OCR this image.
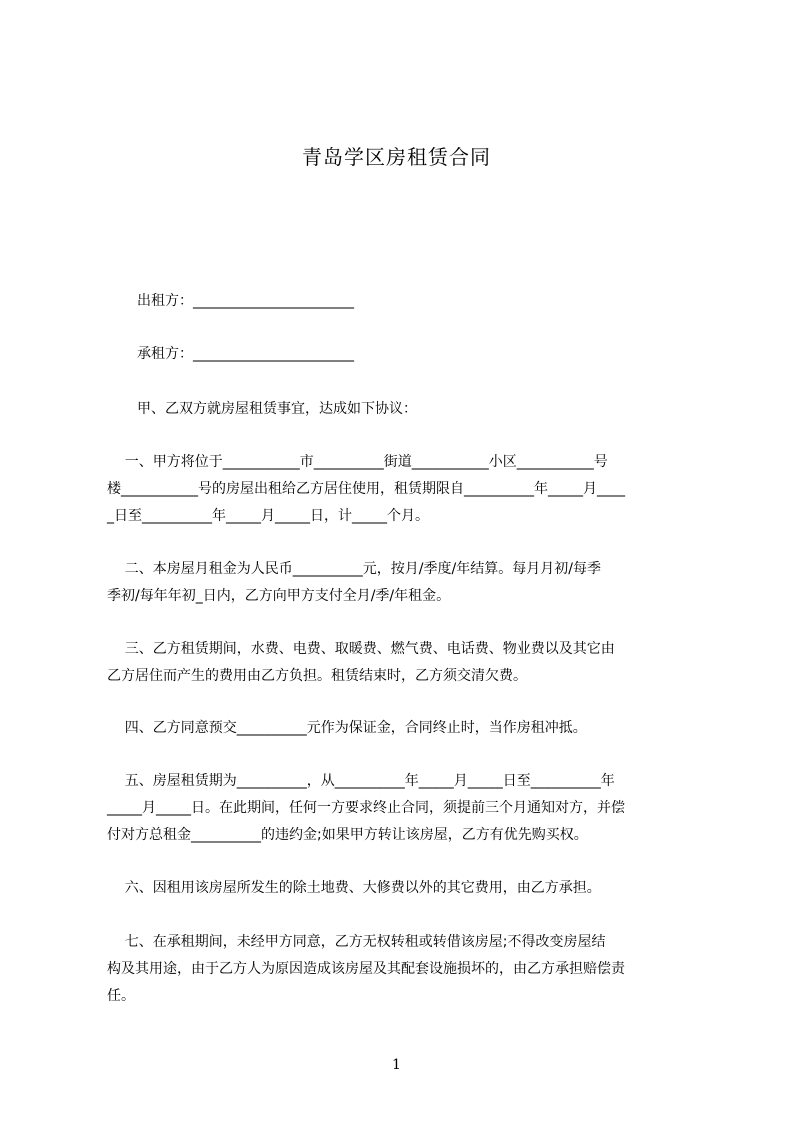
青岛学区房租赁合同
出租方：_______________________
承租方：_______________________
甲、乙双方就房屋租赁事宜，达成如下协议：
一、甲方将位于___________市__________街道___________小区___________号
楼___________号的房屋出租给乙方居住使用，租赁期限自__________年_____月____
_日至__________年_____月_____日，计_____个月。
二、本房屋月租金为人民币__________元，按月/季度/年结算。每月月初/每季
季初/每年年初_日内，乙方向甲方支付全月/季/年租金。
三、乙方租赁期间，水费、电费、取暖费、燃气费、电话费、物业费以及其它由
乙方居住而产生的费用由乙方负担。租赁结束时，乙方须交清欠费。
四、乙方同意预交__________元作为保证金，合同终止时，当作房租冲抵。
五、房屋租赁期为__________，从__________年_____月_____日至__________年
_____月_____日。在此期间，任何一方要求终止合同，须提前三个月通知对方，并偿
付对方总租金__________的违约金;如果甲方转让该房屋，乙方有优先购买权。
六、因租用该房屋所发生的除土地费、大修费以外的其它费用，由乙方承担。
七、在承租期间，未经甲方同意，乙方无权转租或转借该房屋;不得改变房屋结
构及其用途，由于乙方人为原因造成该房屋及其配套设施损坏的，由乙方承担赔偿责
任。
1
